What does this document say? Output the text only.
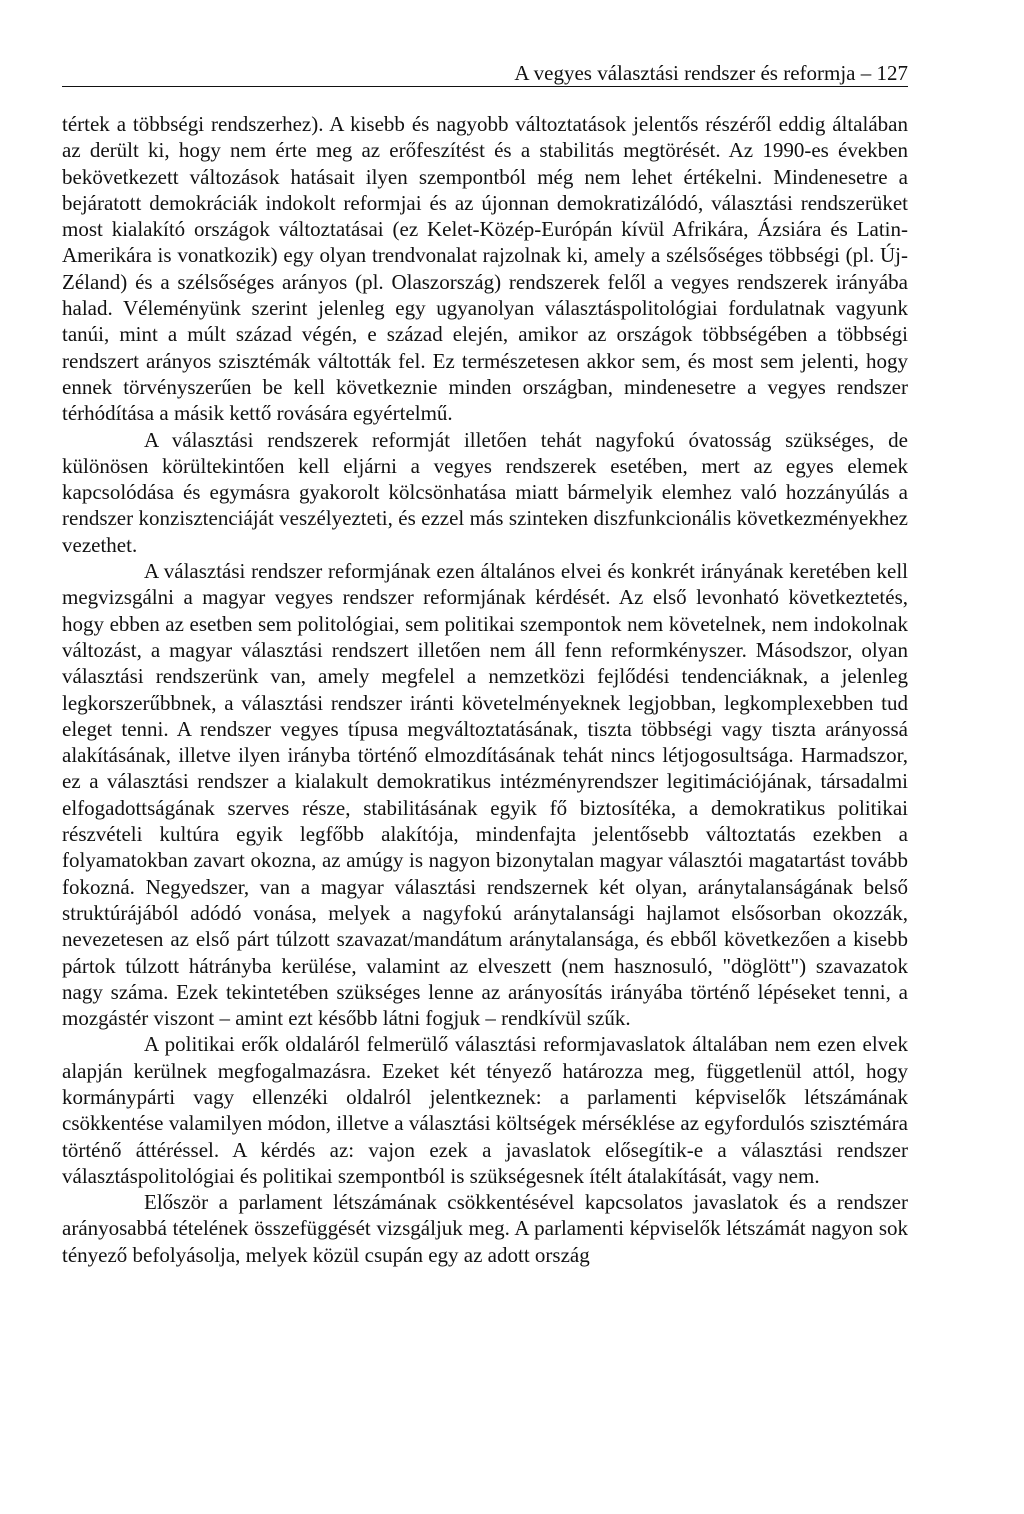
A vegyes választási rendszer és reformja – 127

tértek a többségi rendszerhez). A kisebb és nagyobb változtatások jelentős részéről eddig általában az derült ki, hogy nem érte meg az erőfeszítést és a stabilitás megtörését. Az 1990-es években bekövetkezett változások hatásait ilyen szempontból még nem lehet értékelni. Mindenesetre a bejáratott demokráciák indokolt reformjai és az újonnan demokratizálódó, választási rendszerüket most kialakító országok változtatásai (ez Kelet-Közép-Európán kívül Afrikára, Ázsiára és Latin-Amerikára is vonatkozik) egy olyan trendvonalat rajzolnak ki, amely a szélsőséges többségi (pl. Új-Zéland) és a szélsőséges arányos (pl. Olaszország) rendszerek felől a vegyes rendszerek irányába halad. Véleményünk szerint jelenleg egy ugyanolyan választáspolitológiai fordulatnak vagyunk tanúi, mint a múlt század végén, e század elején, amikor az országok többségében a többségi rendszert arányos szisztémák váltották fel. Ez természetesen akkor sem, és most sem jelenti, hogy ennek törvényszerűen be kell következnie minden országban, mindenesetre a vegyes rendszer térhódítása a másik kettő rovására egyértelmű.

A választási rendszerek reformját illetően tehát nagyfokú óvatosság szükséges, de különösen körültekintően kell eljárni a vegyes rendszerek esetében, mert az egyes elemek kapcsolódása és egymásra gyakorolt kölcsönhatása miatt bármelyik elemhez való hozzányúlás a rendszer konzisztenciáját veszélyezteti, és ezzel más szinteken diszfunkcionális következményekhez vezethet.

A választási rendszer reformjának ezen általános elvei és konkrét irányának keretében kell megvizsgálni a magyar vegyes rendszer reformjának kérdését. Az első levonható következtetés, hogy ebben az esetben sem politológiai, sem politikai szempontok nem követelnek, nem indokolnak változást, a magyar választási rendszert illetően nem áll fenn reformkényszer. Másodszor, olyan választási rendszerünk van, amely megfelel a nemzetközi fejlődési tendenciáknak, a jelenleg legkorszerűbbnek, a választási rendszer iránti követelményeknek legjobban, legkomplexebben tud eleget tenni. A rendszer vegyes típusa megváltoztatásának, tiszta többségi vagy tiszta arányossá alakításának, illetve ilyen irányba történő elmozdításának tehát nincs létjogosultsága. Harmadszor, ez a választási rendszer a kialakult demokratikus intézményrendszer legitimációjának, társadalmi elfogadottságának szerves része, stabilitásának egyik fő biztosítéka, a demokratikus politikai részvételi kultúra egyik legfőbb alakítója, mindenfajta jelentősebb változtatás ezekben a folyamatokban zavart okozna, az amúgy is nagyon bizonytalan magyar választói magatartást tovább fokozná. Negyedszer, van a magyar választási rendszernek két olyan, aránytalanságának belső struktúrájából adódó vonása, melyek a nagyfokú aránytalansági hajlamot elsősorban okozzák, nevezetesen az első párt túlzott szavazat/mandátum aránytalansága, és ebből következően a kisebb pártok túlzott hátrányba kerülése, valamint az elveszett (nem hasznosuló, "döglött") szavazatok nagy száma. Ezek tekintetében szükséges lenne az arányosítás irányába történő lépéseket tenni, a mozgástér viszont – amint ezt később látni fogjuk – rendkívül szűk.

A politikai erők oldaláról felmerülő választási reformjavaslatok általában nem ezen elvek alapján kerülnek megfogalmazásra. Ezeket két tényező határozza meg, függetlenül attól, hogy kormánypárti vagy ellenzéki oldalról jelentkeznek: a parlamenti képviselők létszámának csökkentése valamilyen módon, illetve a választási költségek mérséklése az egyfordulós szisztémára történő áttéréssel. A kérdés az: vajon ezek a javaslatok elősegítik-e a választási rendszer választáspolitológiai és politikai szempontból is szükségesnek ítélt átalakítását, vagy nem.

Először a parlament létszámának csökkentésével kapcsolatos javaslatok és a rendszer arányosabbá tételének összefüggését vizsgáljuk meg. A parlamenti képviselők létszámát nagyon sok tényező befolyásolja, melyek közül csupán egy az adott ország
